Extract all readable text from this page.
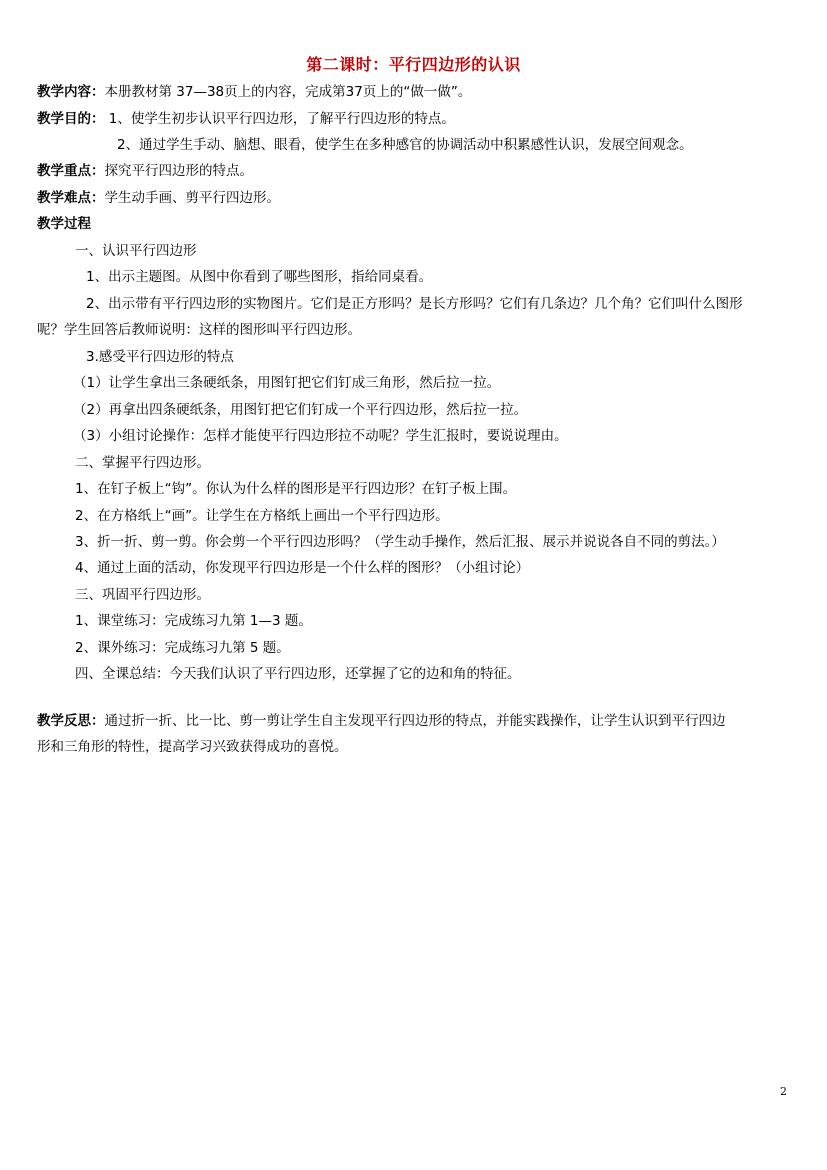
第二课时：平行四边形的认识
教学内容：本册教材第 37—38页上的内容，完成第37页上的“做一做”。
教学目的： 1、使学生初步认识平行四边形，了解平行四边形的特点。
2、通过学生手动、脑想、眼看，使学生在多种感官的协调活动中积累感性认识，发展空间观念。
教学重点：探究平行四边形的特点。
教学难点：学生动手画、剪平行四边形。
教学过程
一、认识平行四边形
1、出示主题图。从图中你看到了哪些图形，指给同桌看。
2、出示带有平行四边形的实物图片。它们是正方形吗？是长方形吗？它们有几条边？几个角？它们叫什么图形
呢？学生回答后教师说明：这样的图形叫平行四边形。
3.感受平行四边形的特点
（1）让学生拿出三条硬纸条，用图钉把它们钉成三角形，然后拉一拉。
（2）再拿出四条硬纸条，用图钉把它们钉成一个平行四边形，然后拉一拉。
（3）小组讨论操作：怎样才能使平行四边形拉不动呢？学生汇报时，要说说理由。
二、掌握平行四边形。
1、在钉子板上“钩”。你认为什么样的图形是平行四边形？在钉子板上围。
2、在方格纸上“画”。让学生在方格纸上画出一个平行四边形。
3、折一折、剪一剪。你会剪一个平行四边形吗？（学生动手操作，然后汇报、展示并说说各自不同的剪法。）
4、通过上面的活动，你发现平行四边形是一个什么样的图形？（小组讨论）
三、巩固平行四边形。
1、课堂练习：完成练习九第 1—3 题。
2、课外练习：完成练习九第 5 题。
四、全课总结：今天我们认识了平行四边形，还掌握了它的边和角的特征。
教学反思：通过折一折、比一比、剪一剪让学生自主发现平行四边形的特点，并能实践操作，让学生认识到平行四边
形和三角形的特性，提高学习兴致获得成功的喜悦。
2
